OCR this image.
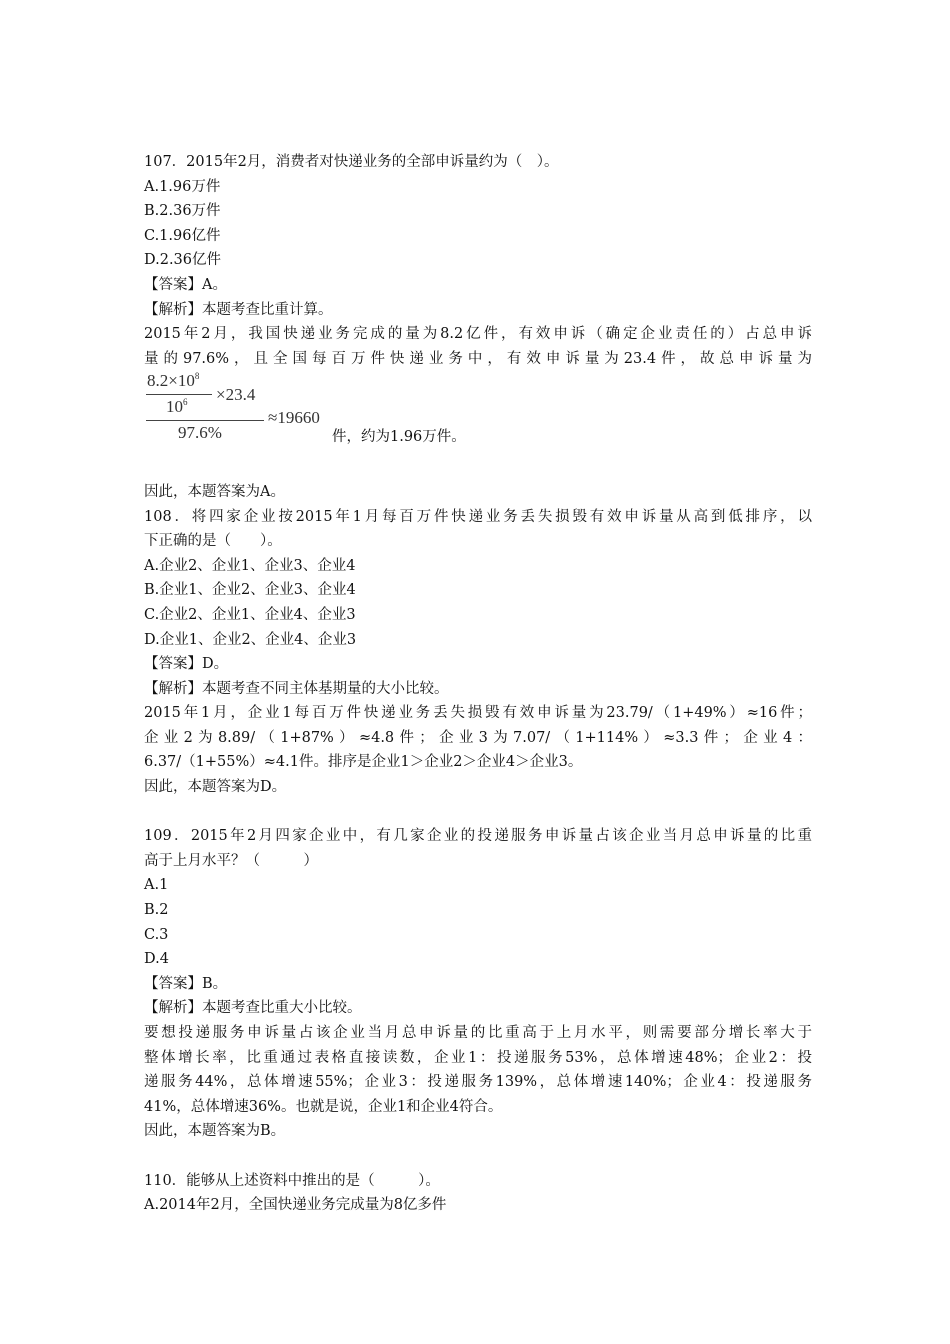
107．2015年2月，消费者对快递业务的全部申诉量约为（　）。
A.1.96万件
B.2.36万件
C.1.96亿件
D.2.36亿件
【答案】A。
【解析】本题考查比重计算。
2015年2月，我国快递业务完成的量为8.2亿件，有效申诉（确定企业责任的）占总申诉
量的97.6%，且全国每百万件快递业务中，有效申诉量为23.4件，故总申诉量为
$8.2\times 10^8$
×23.4
$10^6$
97.6%
≈19660
件，约为1.96万件。
因此，本题答案为A。
108．将四家企业按2015年1月每百万件快递业务丢失损毁有效申诉量从高到低排序，以
下正确的是（　　）。
A.企业2、企业1、企业3、企业4
B.企业1、企业2、企业3、企业4
C.企业2、企业1、企业4、企业3
D.企业1、企业2、企业4、企业3
【答案】D。
【解析】本题考查不同主体基期量的大小比较。
2015年1月，企业1每百万件快递业务丢失损毁有效申诉量为23.79/（1+49%）≈16件；
企业2为8.89/（1+87%）≈4.8件；企业3为7.07/（1+114%）≈3.3件；企业4：
6.37/（1+55%）≈4.1件。排序是企业1＞企业2＞企业4＞企业3。
因此，本题答案为D。
109．2015年2月四家企业中，有几家企业的投递服务申诉量占该企业当月总申诉量的比重
高于上月水平？（　　　）
A.1
B.2
C.3
D.4
【答案】B。
【解析】本题考查比重大小比较。
要想投递服务申诉量占该企业当月总申诉量的比重高于上月水平，则需要部分增长率大于
整体增长率，比重通过表格直接读数，企业1：投递服务53%，总体增速48%；企业2：投
递服务44%，总体增速55%；企业3：投递服务139%，总体增速140%；企业4：投递服务
41%，总体增速36%。也就是说，企业1和企业4符合。
因此，本题答案为B。
110．能够从上述资料中推出的是（　　　）。
A.2014年2月，全国快递业务完成量为8亿多件
